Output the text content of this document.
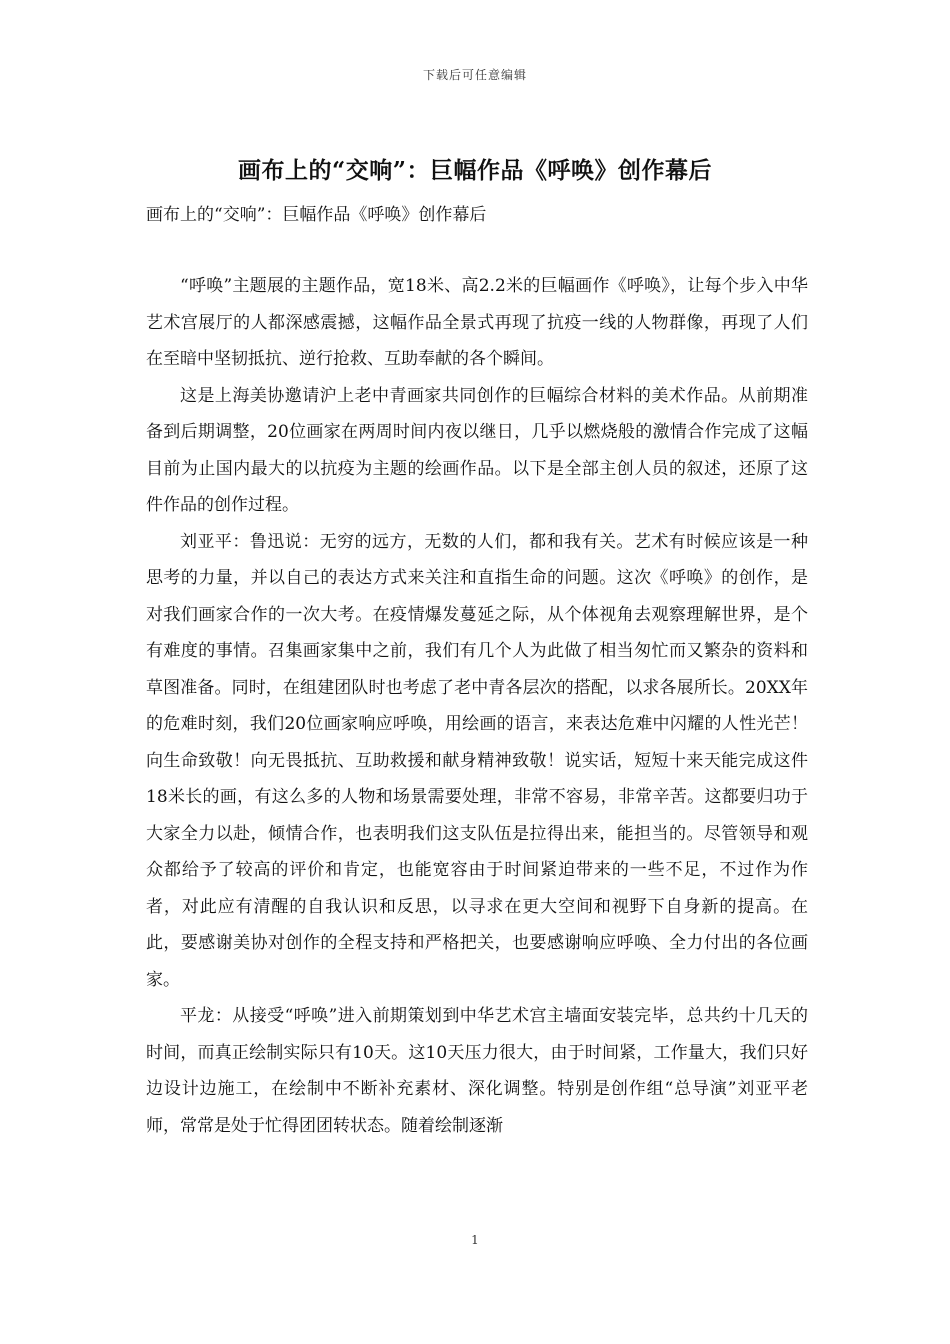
下载后可任意编辑
画布上的“交响”：巨幅作品《呼唤》创作幕后

画布上的“交响”：巨幅作品《呼唤》创作幕后

“呼唤”主题展的主题作品，宽18米、高2.2米的巨幅画作《呼唤》，让每个步入中华艺术宫展厅的人都深感震撼，这幅作品全景式再现了抗疫一线的人物群像，再现了人们在至暗中坚韧抵抗、逆行抢救、互助奉献的各个瞬间。

这是上海美协邀请沪上老中青画家共同创作的巨幅综合材料的美术作品。从前期准备到后期调整，20位画家在两周时间内夜以继日，几乎以燃烧般的激情合作完成了这幅目前为止国内最大的以抗疫为主题的绘画作品。以下是全部主创人员的叙述，还原了这件作品的创作过程。

刘亚平：鲁迅说：无穷的远方，无数的人们，都和我有关。艺术有时候应该是一种思考的力量，并以自己的表达方式来关注和直指生命的问题。这次《呼唤》的创作，是对我们画家合作的一次大考。在疫情爆发蔓延之际，从个体视角去观察理解世界，是个有难度的事情。召集画家集中之前，我们有几个人为此做了相当匆忙而又繁杂的资料和草图准备。同时，在组建团队时也考虑了老中青各层次的搭配，以求各展所长。20XX年的危难时刻，我们20位画家响应呼唤，用绘画的语言，来表达危难中闪耀的人性光芒！向生命致敬！向无畏抵抗、互助救援和献身精神致敬！说实话，短短十来天能完成这件18米长的画，有这么多的人物和场景需要处理，非常不容易，非常辛苦。这都要归功于大家全力以赴，倾情合作，也表明我们这支队伍是拉得出来，能担当的。尽管领导和观众都给予了较高的评价和肯定，也能宽容由于时间紧迫带来的一些不足，不过作为作者，对此应有清醒的自我认识和反思，以寻求在更大空间和视野下自身新的提高。在此，要感谢美协对创作的全程支持和严格把关，也要感谢响应呼唤、全力付出的各位画家。

平龙：从接受“呼唤”进入前期策划到中华艺术宫主墙面安装完毕，总共约十几天的时间，而真正绘制实际只有10天。这10天压力很大，由于时间紧，工作量大，我们只好边设计边施工，在绘制中不断补充素材、深化调整。特别是创作组“总导演”刘亚平老师，常常是处于忙得团团转状态。随着绘制逐渐

1
